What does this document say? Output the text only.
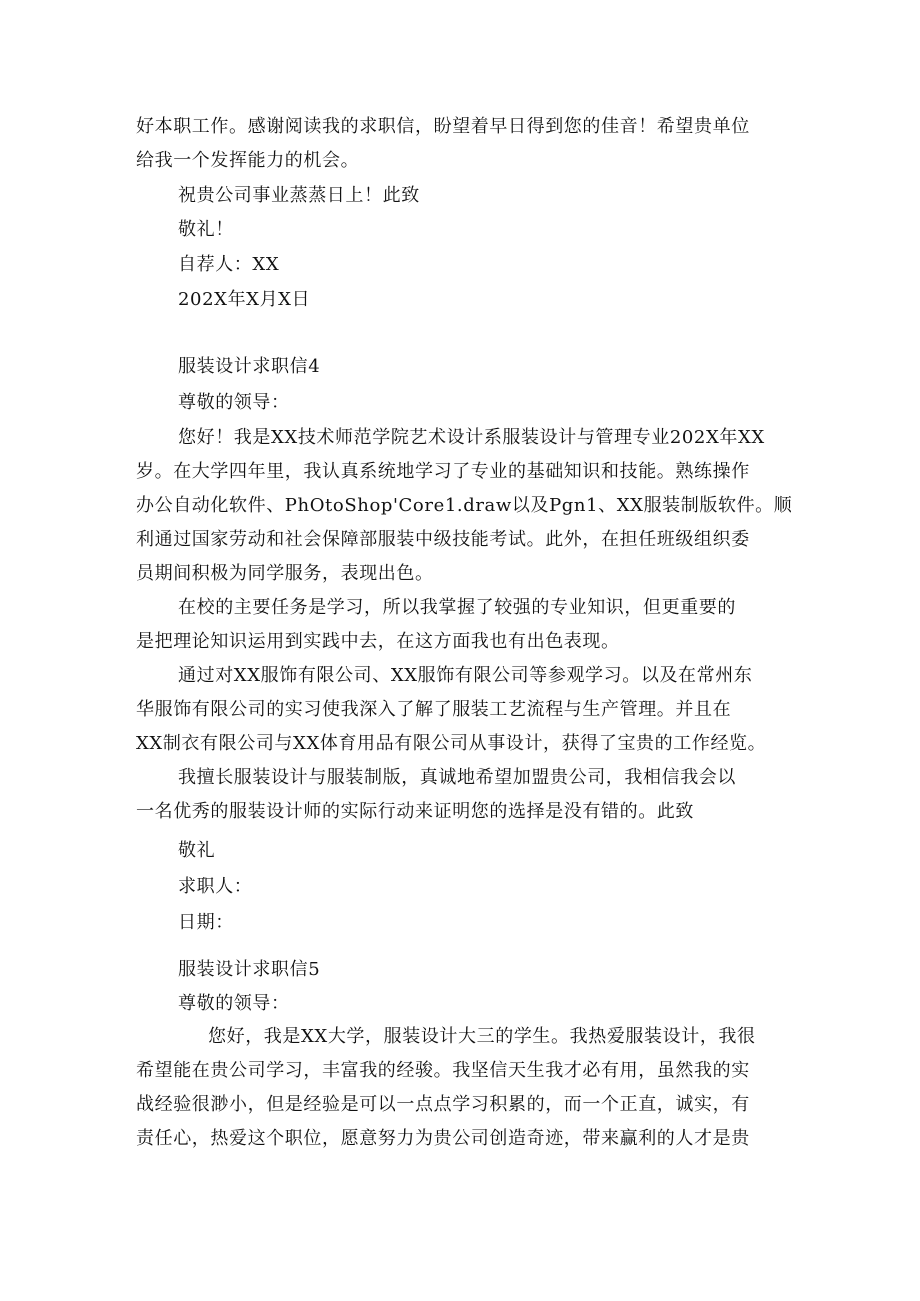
好本职工作。感谢阅读我的求职信，盼望着早日得到您的佳音！希望贵单位
给我一个发挥能力的机会。
祝贵公司事业蒸蒸日上！此致
敬礼！
自荐人：XX
202X年X月X日
服装设计求职信4
尊敬的领导：
您好！我是XX技术师范学院艺术设计系服装设计与管理专业202X年XX
岁。在大学四年里，我认真系统地学习了专业的基础知识和技能。熟练操作
办公自动化软件、PhOtoShop'Core1.draw以及Pgn1、XX服装制版软件。顺
利通过国家劳动和社会保障部服装中级技能考试。此外，在担任班级组织委
员期间积极为同学服务，表现出色。
在校的主要任务是学习，所以我掌握了较强的专业知识，但更重要的
是把理论知识运用到实践中去，在这方面我也有出色表现。
通过对XX服饰有限公司、XX服饰有限公司等参观学习。以及在常州东
华服饰有限公司的实习使我深入了解了服装工艺流程与生产管理。并且在
XX制衣有限公司与XX体育用品有限公司从事设计，获得了宝贵的工作经览。
我擅长服装设计与服装制版，真诚地希望加盟贵公司，我相信我会以
一名优秀的服装设计师的实际行动来证明您的选择是没有错的。此致
敬礼
求职人：
日期：
服装设计求职信5
尊敬的领导：
您好，我是XX大学，服装设计大三的学生。我热爱服装设计，我很
希望能在贵公司学习，丰富我的经骏。我坚信天生我才必有用，虽然我的实
战经验很渺小，但是经验是可以一点点学习积累的，而一个正直，诚实，有
责任心，热爱这个职位，愿意努力为贵公司创造奇迹，带来赢利的人才是贵
